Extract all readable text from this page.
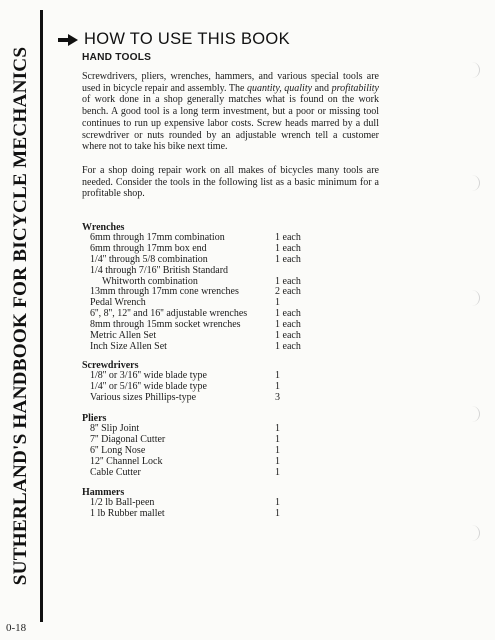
SUTHERLAND'S HANDBOOK FOR BICYCLE MECHANICS
0-18
HOW TO USE THIS BOOK
HAND TOOLS

Screwdrivers, pliers, wrenches, hammers, and various special tools are used in bicycle repair and assembly. The quantity, quality and profitability of work done in a shop generally matches what is found on the work bench. A good tool is a long term investment, but a poor or missing tool continues to run up expensive labor costs. Screw heads marred by a dull screwdriver or nuts rounded by an adjustable wrench tell a customer where not to take his bike next time.

For a shop doing repair work on all makes of bicycles many tools are needed. Consider the tools in the following list as a basic minimum for a profitable shop.

Wrenches
6mm through 17mm combination	1 each
6mm through 17mm box end	1 each
1/4'' through 5/8 combination	1 each
1/4 through 7/16'' British Standard
Whitworth combination	1 each
13mm through 17mm cone wrenches	2 each
Pedal Wrench	1
6'', 8'', 12'' and 16'' adjustable wrenches	1 each
8mm through 15mm socket wrenches	1 each
Metric Allen Set	1 each
Inch Size Allen Set	1 each
Screwdrivers
1/8'' or 3/16'' wide blade type	1
1/4'' or 5/16'' wide blade type	1
Various sizes Phillips-type	3
Pliers
8'' Slip Joint	1
7'' Diagonal Cutter	1
6'' Long Nose	1
12'' Channel Lock	1
Cable Cutter	1
Hammers
1/2 lb Ball-peen	1
1 lb Rubber mallet	1
